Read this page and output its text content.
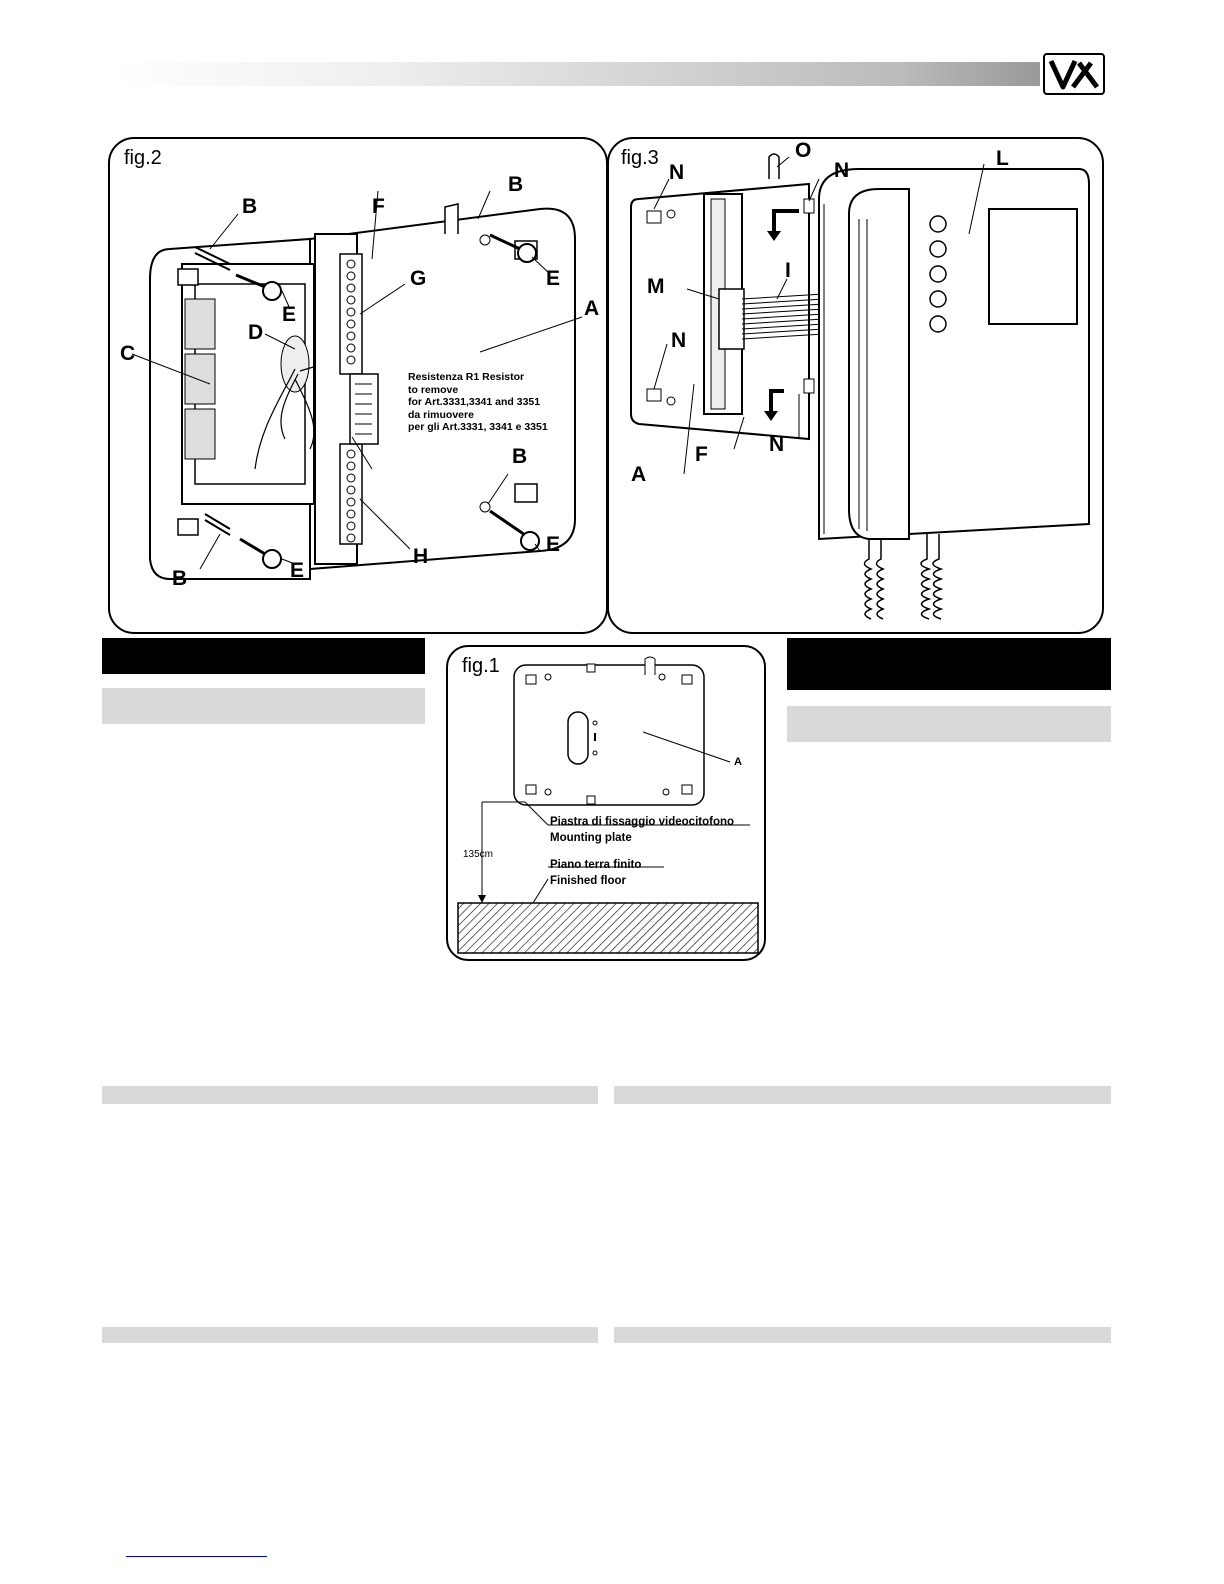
fig.2
B	F
B
G
E
E
A
D
C
B
E
H
E
B
Resistenza R1 Resistor
to remove
for Art.3331,3341 and 3351
da rimuovere
per gli Art.3331, 3341 e 3351
fig.3
N
O
N
L
I
M
N
F	N
A
fig.1
A
135cm
Piastra di fissaggio videocitofono
Mounting plate
Piano terra finito
Finished floor
